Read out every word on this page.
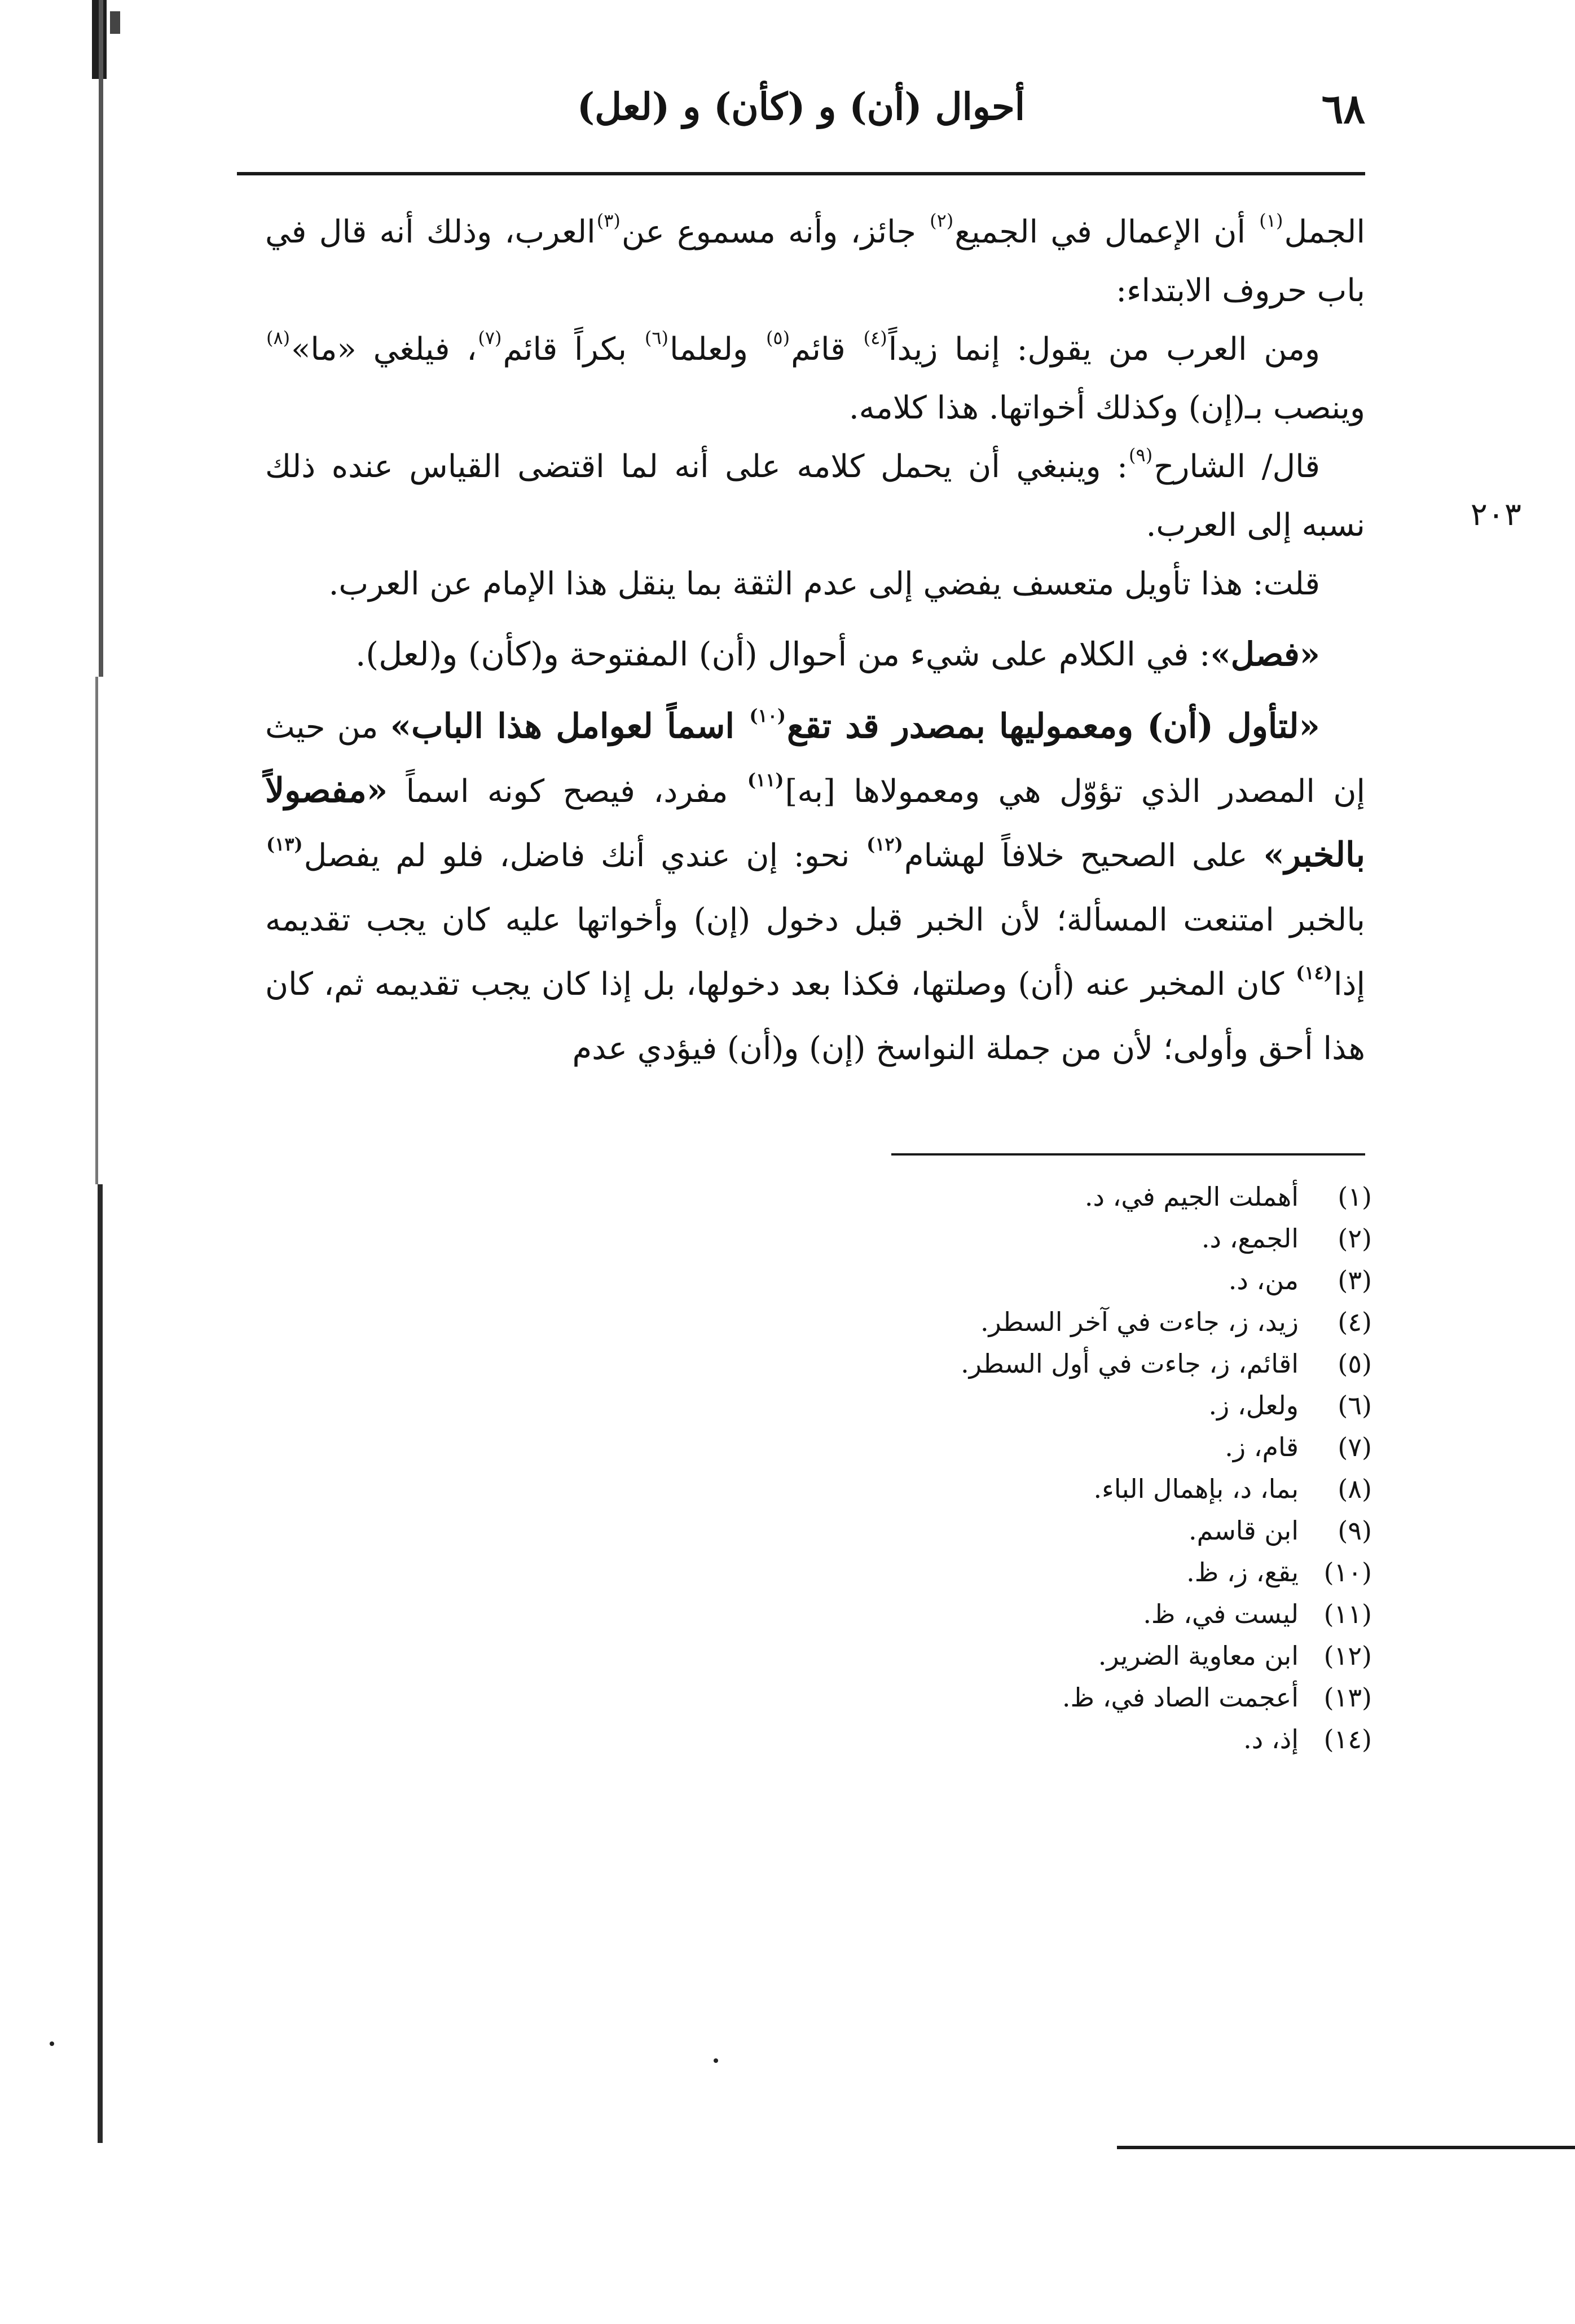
٦٨
أحوال (أن) و (كأن) و (لعل)
٢٠٣

الجمل$^{(١)}$ أن الإعمال في الجميع$^{(٢)}$ جائز، وأنه مسموع عن$^{(٣)}$العرب، وذلك أنه قال في باب حروف الابتداء:

ومن العرب من يقول: إنما زيداً$^{(٤)}$ قائم$^{(٥)}$ ولعلما$^{(٦)}$ بكراً قائم$^{(٧)}$، فيلغي «ما»$^{(٨)}$ وينصب بـ(إن) وكذلك أخواتها. هذا كلامه.

قال/ الشارح$^{(٩)}$: وينبغي أن يحمل كلامه على أنه لما اقتضى القياس عنده ذلك نسبه إلى العرب.

قلت: هذا تأويل متعسف يفضي إلى عدم الثقة بما ينقل هذا الإمام عن العرب.

«فصل»: في الكلام على شيء من أحوال (أن) المفتوحة و(كأن) و(لعل).

«لتأول (أن) ومعموليها بمصدر قد تقع$^{(١٠)}$ اسماً لعوامل هذا الباب» من حيث إن المصدر الذي تؤوّل هي ومعمولاها [به]$^{(١١)}$ مفرد، فيصح كونه اسماً «مفصولاً بالخبر» على الصحيح خلافاً لهشام$^{(١٢)}$ نحو: إن عندي أنك فاضل، فلو لم يفصل$^{(١٣)}$ بالخبر امتنعت المسألة؛ لأن الخبر قبل دخول (إن) وأخواتها عليه كان يجب تقديمه إذا$^{(١٤)}$ كان المخبر عنه (أن) وصلتها، فكذا بعد دخولها، بل إذا كان يجب تقديمه ثم، كان هذا أحق وأولى؛ لأن من جملة النواسخ (إن) و(أن) فيؤدي عدم

(١)
أهملت الجيم في، د.
(٢)
الجمع، د.
(٣)
من، د.
(٤)
زيد، ز، جاءت في آخر السطر.
(٥)
اقائم، ز، جاءت في أول السطر.
(٦)
ولعل، ز.
(٧)
قام، ز.
(٨)
بما، د، بإهمال الباء.
(٩)
ابن قاسم.
(١٠)
يقع، ز، ظ.
(١١)
ليست في، ظ.
(١٢)
ابن معاوية الضرير.
(١٣)
أعجمت الصاد في، ظ.
(١٤)
إذ، د.
